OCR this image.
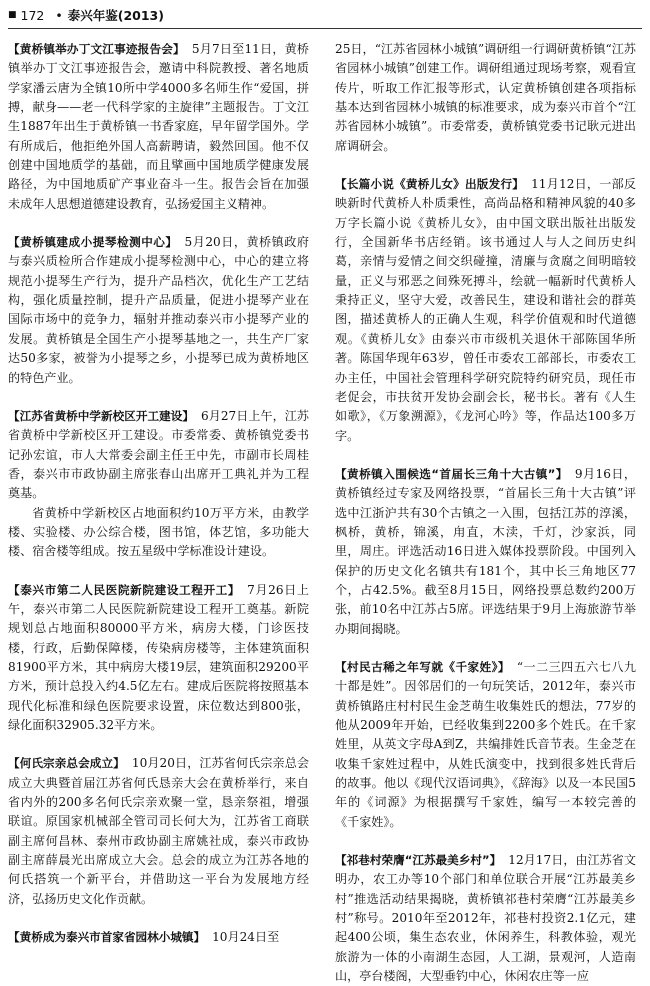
■ 172 • 泰兴年鉴(2013)

【黄桥镇举办丁文江事迹报告会】 5月7日至11日，黄桥镇举办丁文江事迹报告会，邀请中科院教授、著名地质学家潘云唐为全镇10所中学4000多名师生作“爱国，拼搏，献身——老一代科学家的主旋律”主题报告。丁文江生1887年出生于黄桥镇一书香家庭，早年留学国外。学有所成后，他拒绝外国人高薪聘请，毅然回国。他不仅创建中国地质学的基础，而且擘画中国地质学健康发展路径，为中国地质矿产事业奋斗一生。报告会旨在加强未成年人思想道德建设教育，弘扬爱国主义精神。

【黄桥镇建成小提琴检测中心】 5月20日，黄桥镇政府与泰兴质检所合作建成小提琴检测中心，中心的建立将规范小提琴生产行为，提升产品档次，优化生产工艺结构，强化质量控制，提升产品质量，促进小提琴产业在国际市场中的竞争力，辐射并推动泰兴市小提琴产业的发展。黄桥镇是全国生产小提琴基地之一，共生产厂家达50多家，被誉为小提琴之乡，小提琴已成为黄桥地区的特色产业。

【江苏省黄桥中学新校区开工建设】 6月27日上午，江苏省黄桥中学新校区开工建设。市委常委、黄桥镇党委书记孙宏谊，市人大常委会副主任王中先，市副市长周桂香，泰兴市市政协副主席张春山出席开工典礼并为工程奠基。

省黄桥中学新校区占地面积约10万平方米，由教学楼、实验楼、办公综合楼，图书馆，体艺馆，多功能大楼、宿舍楼等组成。按五星级中学标准设计建设。

【泰兴市第二人民医院新院建设工程开工】 7月26日上午，泰兴市第二人民医院新院建设工程开工奠基。新院规划总占地面积80000平方米，病房大楼，门诊医技楼，行政，后勤保障楼，传染病房楼等，主体建筑面积81900平方米，其中病房大楼19层，建筑面积29200平方米，预计总投入约4.5亿左右。建成后医院将按照基本现代化标准和绿色医院要求设置，床位数达到800张，绿化面积32905.32平方米。

【何氏宗亲总会成立】 10月20日，江苏省何氏宗亲总会成立大典暨首届江苏省何氏恳亲大会在黄桥举行，来自省内外的200多名何氏宗亲欢聚一堂，恳亲祭祖，增强联谊。原国家机械部全管司司长何大为，江苏省工商联副主席何昌林、泰州市政协副主席姚社成，泰兴市政协副主席薛晨光出席成立大会。总会的成立为江苏各地的何氏搭筑一个新平台，并借助这一平台为发展地方经济，弘扬历史文化作贡献。

【黄桥成为泰兴市首家省园林小城镇】 10月24日至

25日，“江苏省园林小城镇”调研组一行调研黄桥镇“江苏省园林小城镇”创建工作。调研组通过现场考察，观看宣传片，听取工作汇报等形式，认定黄桥镇创建各项指标基本达到省园林小城镇的标准要求，成为泰兴市首个“江苏省园林小城镇”。市委常委，黄桥镇党委书记耿元进出席调研会。

【长篇小说《黄桥儿女》出版发行】 11月12日，一部反映新时代黄桥人朴质秉性，高尚品格和精神风貌的40多万字长篇小说《黄桥儿女》，由中国文联出版社出版发行，全国新华书店经销。该书通过人与人之间历史纠葛，亲情与爱情之间交织碰撞，清廉与贪腐之间明暗较量，正义与邪恶之间殊死搏斗，绘就一幅新时代黄桥人秉持正义，坚守大爱，改善民生，建设和谐社会的群英图，描述黄桥人的正确人生观，科学价值观和时代道德观。《黄桥儿女》由泰兴市市级机关退休干部陈国华所著。陈国华现年63岁，曾任市委农工部部长，市委农工办主任，中国社会管理科学研究院特约研究员，现任市老促会，市扶贫开发协会副会长，秘书长。著有《人生如歌》，《万象溯源》，《龙河心吟》等，作品达100多万字。

【黄桥镇入围候选“首届长三角十大古镇”】 9月16日，黄桥镇经过专家及网络投票，“首届长三角十大古镇”评选中江浙沪共有30个古镇之一入围，包括江苏的淳溪，枫桥，黄桥，锦溪，甪直，木渎，千灯，沙家浜，同里，周庄。评选活动16日进入媒体投票阶段。中国列入保护的历史文化名镇共有181个，其中长三角地区77个，占42.5%。截至8月15日，网络投票总数约200万张，前10名中江苏占5席。评选结果于9月上海旅游节举办期间揭晓。

【村民古稀之年写就《千家姓》】 “一二三四五六七八九十都是姓”。因邻居们的一句玩笑话，2012年，泰兴市黄桥镇路庄村村民生金芝萌生收集姓氏的想法，77岁的他从2009年开始，已经收集到2200多个姓氏。在千家姓里，从英文字母A到Z，共编排姓氏音节表。生金芝在收集千家姓过程中，从姓氏演变中，找到很多姓氏背后的故事。他以《现代汉语词典》，《辞海》以及一本民国5年的《词源》为根据撰写千家姓，编写一本较完善的《千家姓》。

【祁巷村荣膺“江苏最美乡村”】 12月17日，由江苏省文明办，农工办等10个部门和单位联合开展“江苏最美乡村”推选活动结果揭晓，黄桥镇祁巷村荣膺“江苏最美乡村”称号。2010年至2012年，祁巷村投资2.1亿元，建起400公顷，集生态农业，休闲养生，科教体验，观光旅游为一体的小南湖生态园，人工湖，景观河，人造南山，亭台楼阁，大型垂钓中心，休闲农庄等一应
